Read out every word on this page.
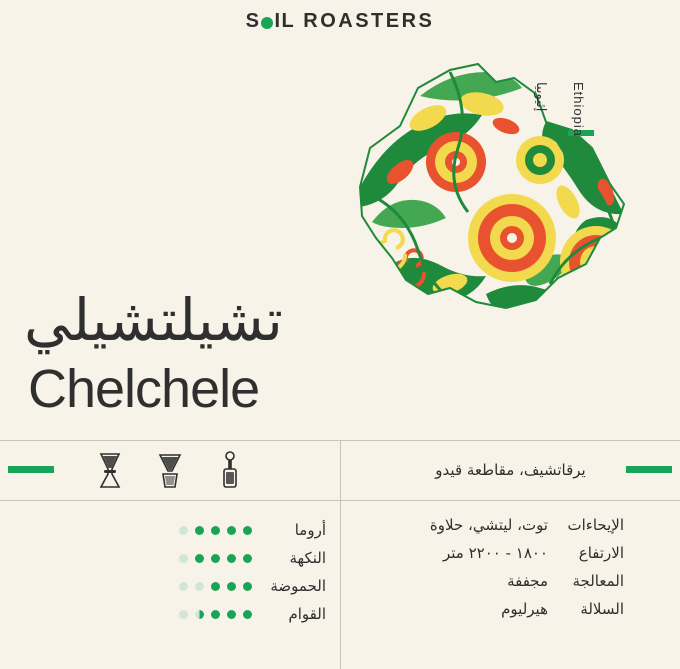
S IL ROASTERS
إثيوبيا Ethiopia
تشيلتشيلي
Chelchele
يرقاتشيف، مقاطعة قيدو
الإيحاءات
توت، ليتشي، حلاوة
الارتفاع
١٨٠٠ - ٢٢٠٠ متر
المعالجة
مجففة
السلالة
هيرليوم
أروما
النكهة
الحموضة
القوام
